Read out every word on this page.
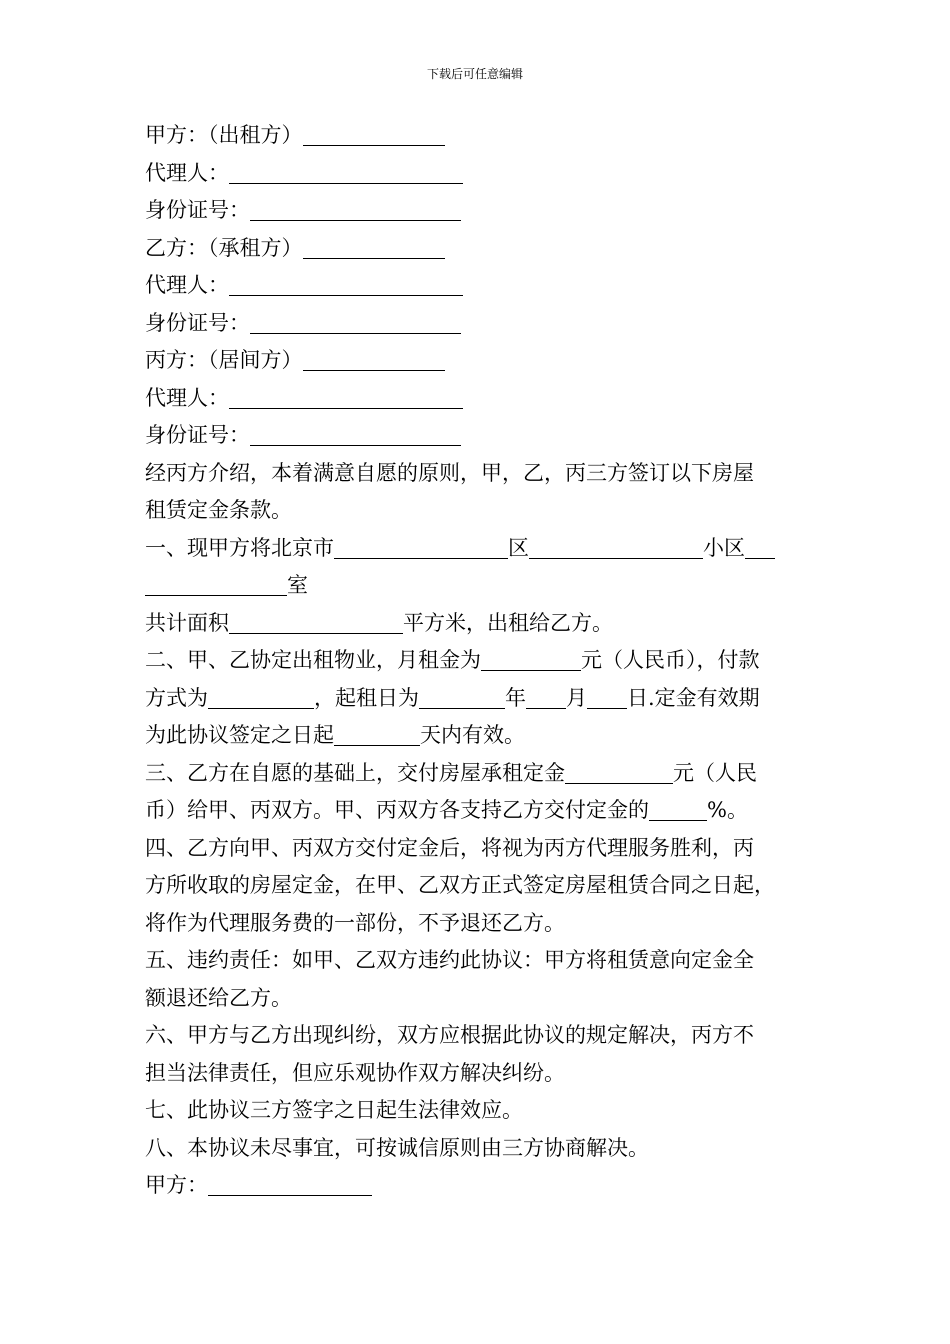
下载后可任意编辑
甲方：（出租方）
代理人：
身份证号：
乙方：（承租方）
代理人：
身份证号：
丙方：（居间方）
代理人：
身份证号：
经丙方介绍，本着满意自愿的原则，甲，乙，丙三方签订以下房屋
租赁定金条款。
一、现甲方将北京市	区	小区
室
共计面积	平方米，出租给乙方。
二、甲、乙协定出租物业，月租金为	元（人民币），付款
方式为	，起租日为	年 月 日.定金有效期
为此协议签定之日起	天内有效。
三、乙方在自愿的基础上，交付房屋承租定金	元（人民
币）给甲、丙双方。甲、丙双方各支持乙方交付定金的	%。
四、乙方向甲、丙双方交付定金后，将视为丙方代理服务胜利，丙
方所收取的房屋定金，在甲、乙双方正式签定房屋租赁合同之日起，
将作为代理服务费的一部份，不予退还乙方。
五、违约责任：如甲、乙双方违约此协议：甲方将租赁意向定金全
额退还给乙方。
六、甲方与乙方出现纠纷，双方应根据此协议的规定解决，丙方不
担当法律责任，但应乐观协作双方解决纠纷。
七、此协议三方签字之日起生法律效应。
八、本协议未尽事宜，可按诚信原则由三方协商解决。
甲方：
